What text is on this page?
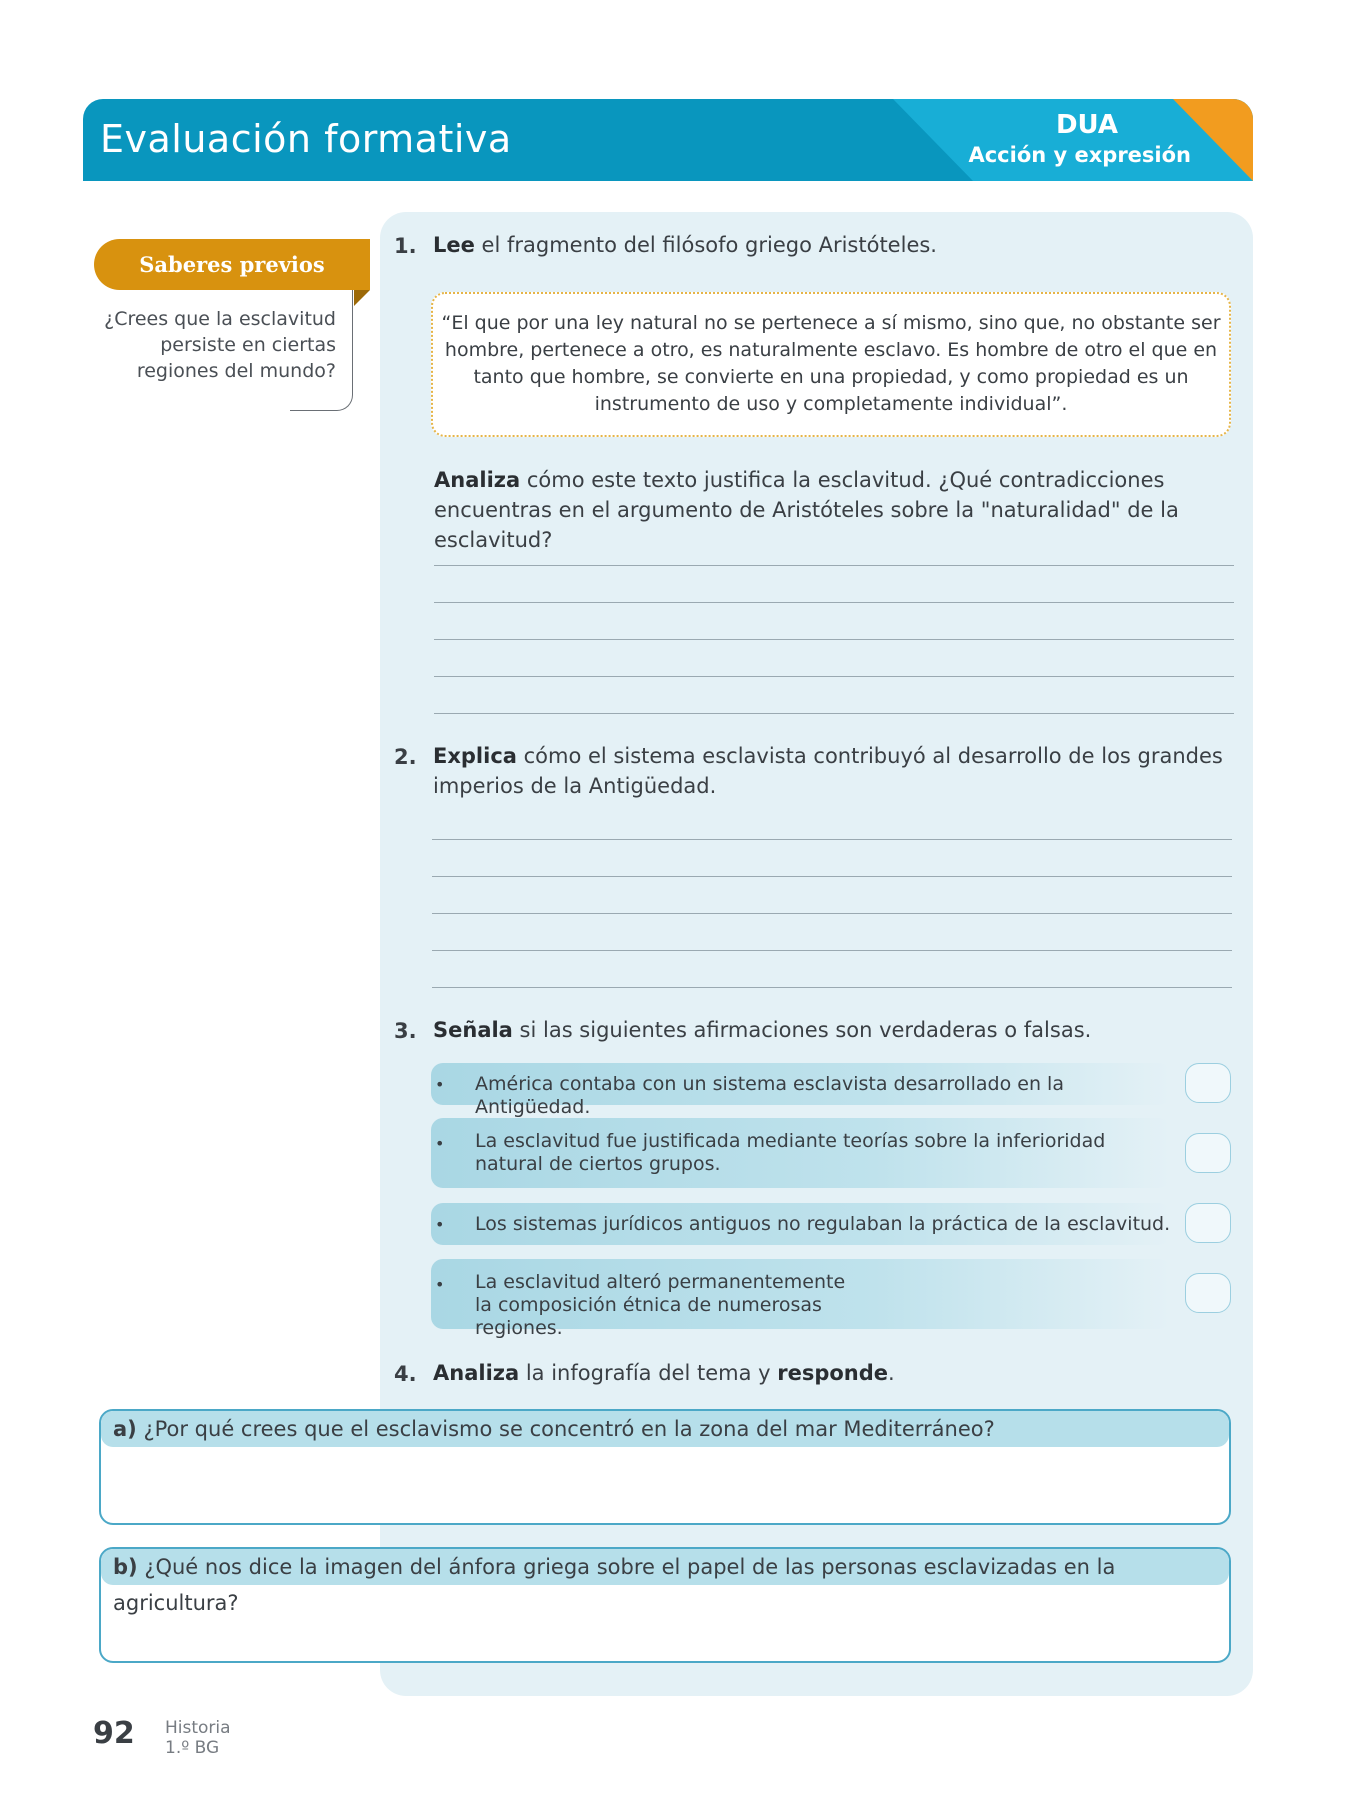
Evaluación formativa	DUA
Acción y expresión
Saberes previos
¿Crees que la esclavitud persiste en ciertas regiones del mundo?
1. Lee el fragmento del filósofo griego Aristóteles.
“El que por una ley natural no se pertenece a sí mismo, sino que, no obstante ser hombre, pertenece a otro, es naturalmente esclavo. Es hombre de otro el que en tanto que hombre, se convierte en una propiedad, y como propiedad es un instrumento de uso y completamente individual”.
Analiza cómo este texto justifica la esclavitud. ¿Qué contradicciones encuentras en el argumento de Aristóteles sobre la "naturalidad" de la esclavitud?
2. Explica cómo el sistema esclavista contribuyó al desarrollo de los grandes imperios de la Antigüedad.
3. Señala si las siguientes afirmaciones son verdaderas o falsas.
• América contaba con un sistema esclavista desarrollado en la Antigüedad.
• La esclavitud fue justificada mediante teorías sobre la inferioridad natural de ciertos grupos.
• Los sistemas jurídicos antiguos no regulaban la práctica de la esclavitud.
• La esclavitud alteró permanentemente la composición étnica de numerosas regiones.
4. Analiza la infografía del tema y responde.
a) ¿Por qué crees que el esclavismo se concentró en la zona del mar Mediterráneo?
b) ¿Qué nos dice la imagen del ánfora griega sobre el papel de las personas esclavizadas en la agricultura?
92 Historia
1.º BG
